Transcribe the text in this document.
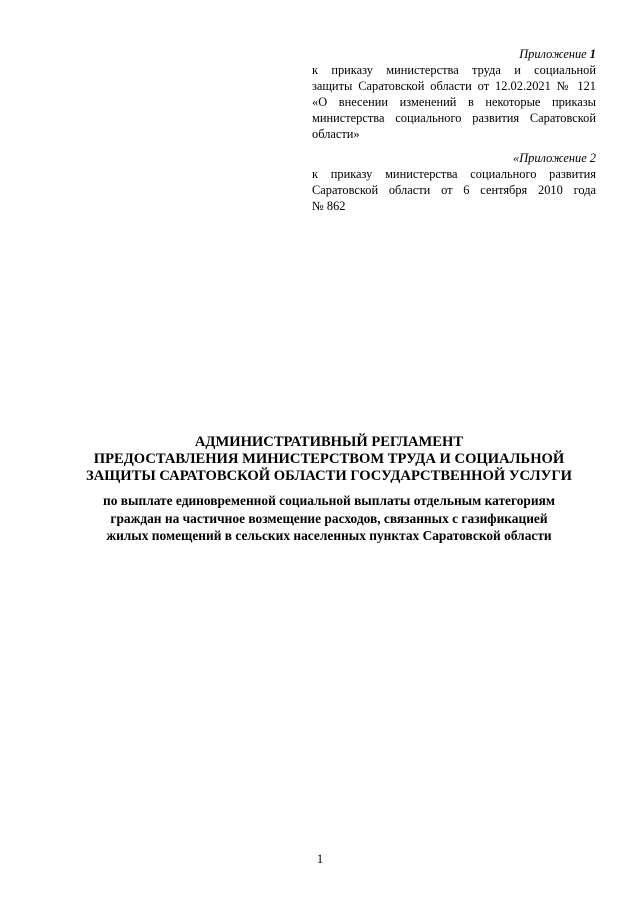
Приложение 1
к приказу министерства труда и социальной
защиты Саратовской области от 12.02.2021 № 121
«О внесении изменений в некоторые приказы
министерства социального развития Саратовской
области»
«Приложение 2
к приказу министерства социального развития
Саратовской области от 6 сентября 2010 года
№ 862
АДМИНИСТРАТИВНЫЙ РЕГЛАМЕНТ
ПРЕДОСТАВЛЕНИЯ МИНИСТЕРСТВОМ ТРУДА И СОЦИАЛЬНОЙ
ЗАЩИТЫ САРАТОВСКОЙ ОБЛАСТИ ГОСУДАРСТВЕННОЙ УСЛУГИ
по выплате единовременной социальной выплаты отдельным категориям
граждан на частичное возмещение расходов, связанных с газификацией
жилых помещений в сельских населенных пунктах Саратовской области
1
